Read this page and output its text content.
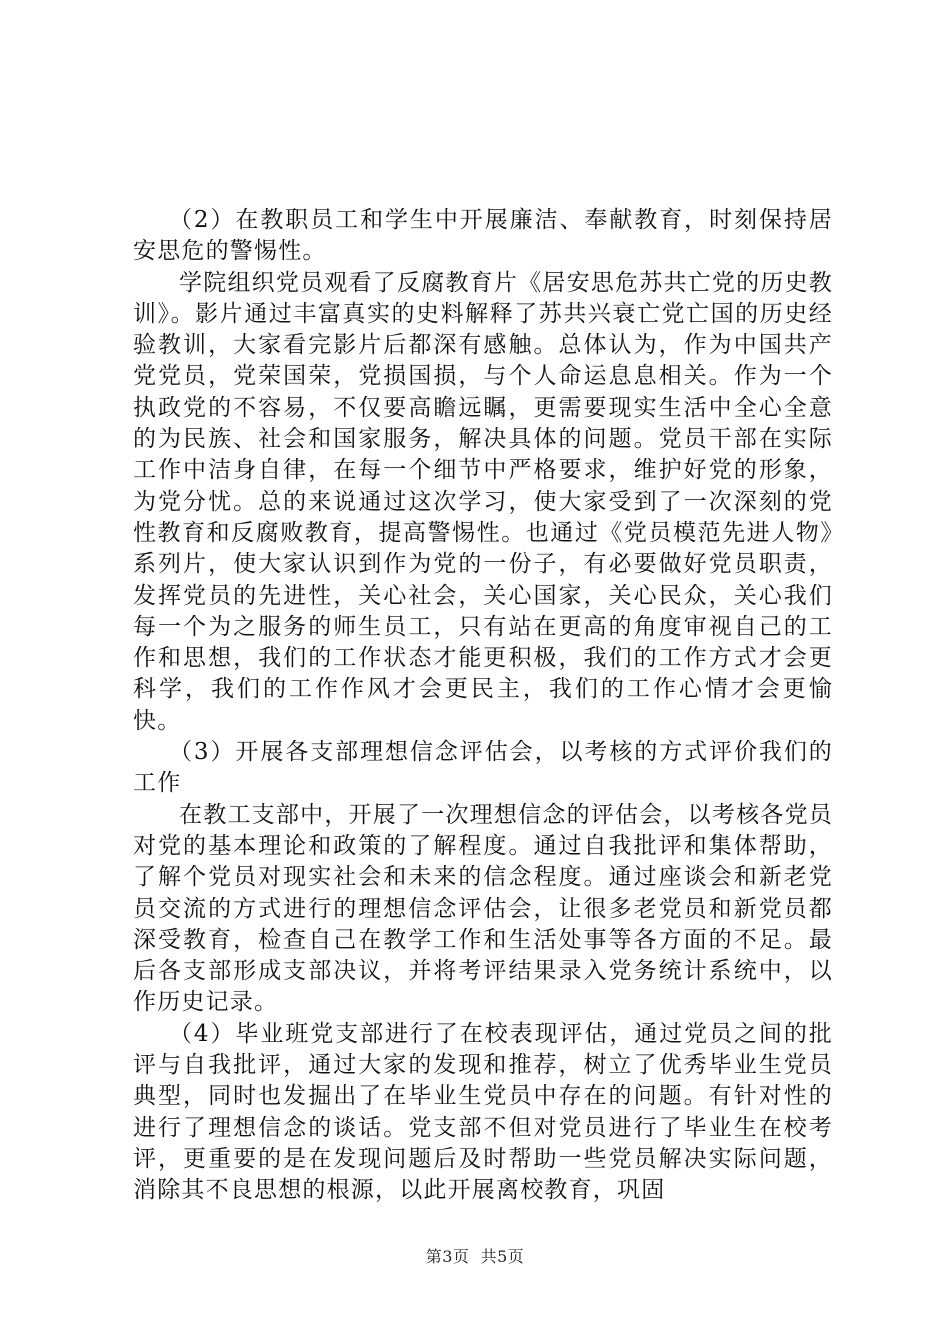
（2）在教职员工和学生中开展廉洁、奉献教育，时刻保持居安思危的警惕性。

学院组织党员观看了反腐教育片《居安思危苏共亡党的历史教训》。影片通过丰富真实的史料解释了苏共兴衰亡党亡国的历史经验教训，大家看完影片后都深有感触。总体认为，作为中国共产党党员，党荣国荣，党损国损，与个人命运息息相关。作为一个执政党的不容易，不仅要高瞻远瞩，更需要现实生活中全心全意的为民族、社会和国家服务，解决具体的问题。党员干部在实际工作中洁身自律，在每一个细节中严格要求，维护好党的形象，为党分忧。总的来说通过这次学习，使大家受到了一次深刻的党性教育和反腐败教育，提高警惕性。也通过《党员模范先进人物》系列片，使大家认识到作为党的一份子，有必要做好党员职责，发挥党员的先进性，关心社会，关心国家，关心民众，关心我们每一个为之服务的师生员工，只有站在更高的角度审视自己的工作和思想，我们的工作状态才能更积极，我们的工作方式才会更科学，我们的工作作风才会更民主，我们的工作心情才会更愉快。

（3）开展各支部理想信念评估会，以考核的方式评价我们的工作

在教工支部中，开展了一次理想信念的评估会，以考核各党员对党的基本理论和政策的了解程度。通过自我批评和集体帮助，了解个党员对现实社会和未来的信念程度。通过座谈会和新老党员交流的方式进行的理想信念评估会，让很多老党员和新党员都深受教育，检查自己在教学工作和生活处事等各方面的不足。最后各支部形成支部决议，并将考评结果录入党务统计系统中，以作历史记录。

（4）毕业班党支部进行了在校表现评估，通过党员之间的批评与自我批评，通过大家的发现和推荐，树立了优秀毕业生党员典型，同时也发掘出了在毕业生党员中存在的问题。有针对性的进行了理想信念的谈话。党支部不但对党员进行了毕业生在校考评，更重要的是在发现问题后及时帮助一些党员解决实际问题，消除其不良思想的根源，以此开展离校教育，巩固

第3页  共5页
